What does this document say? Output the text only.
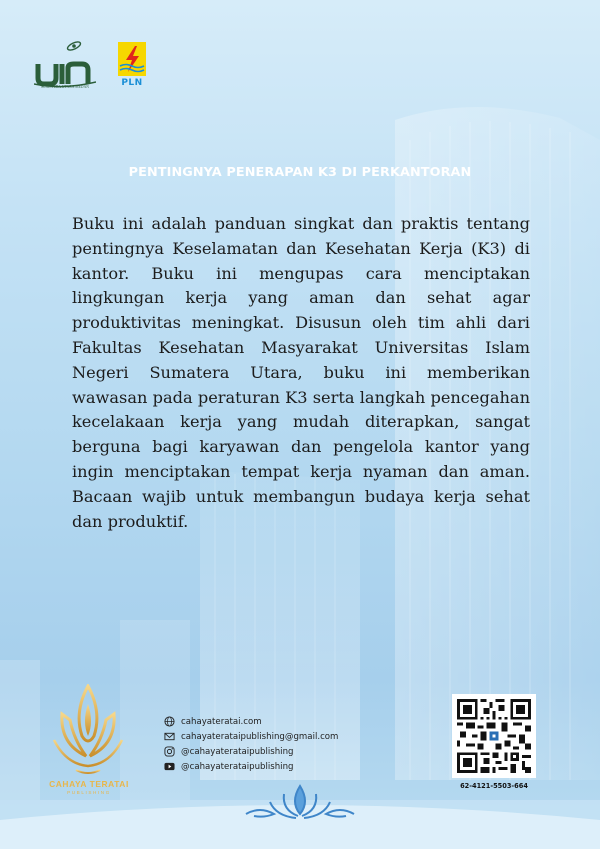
SUMATERA UTARA MEDAN	PLN
PENTINGNYA PENERAPAN K3 DI PERKANTORAN
Buku ini adalah panduan singkat dan praktis tentang pentingnya Keselamatan dan Kesehatan Kerja (K3) di kantor. Buku ini mengupas cara menciptakan lingkungan kerja yang aman dan sehat agar produktivitas meningkat. Disusun oleh tim ahli dari Fakultas Kesehatan Masyarakat Universitas Islam Negeri Sumatera Utara, buku ini memberikan wawasan pada peraturan K3 serta langkah pencegahan kecelakaan kerja yang mudah diterapkan, sangat berguna bagi karyawan dan pengelola kantor yang ingin menciptakan tempat kerja nyaman dan aman. Bacaan wajib untuk membangun budaya kerja sehat dan produktif.
CAHAYA TERATAI
PUBLISHING
cahayateratai.com
cahayaterataipublishing@gmail.com
@cahayaterataipublishing
@cahayaterataipublishing
62-4121-5503-664
